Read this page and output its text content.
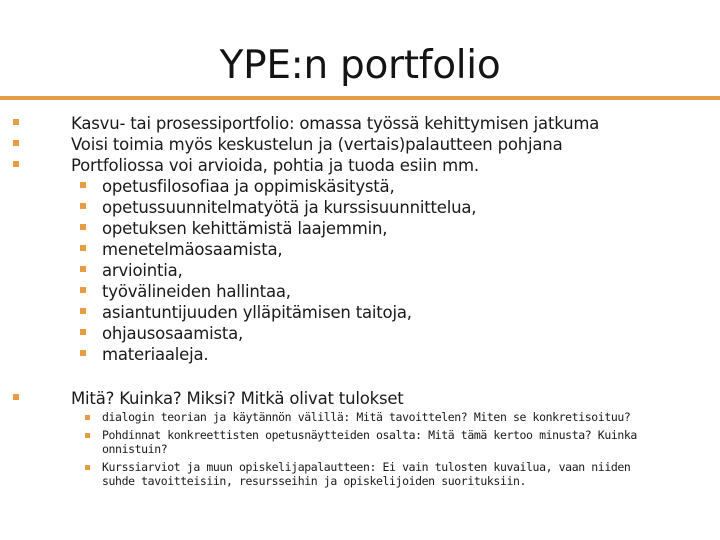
YPE:n portfolio
Kasvu- tai prosessiportfolio: omassa työssä kehittymisen jatkuma
Voisi toimia myös keskustelun ja (vertais)palautteen pohjana
Portfoliossa voi arvioida, pohtia ja tuoda esiin mm.
opetusfilosofiaa ja oppimiskäsitystä,
opetussuunnitelmatyötä ja kurssisuunnittelua,
opetuksen kehittämistä laajemmin,
menetelmäosaamista,
arviointia,
työvälineiden hallintaa,
asiantuntijuuden ylläpitämisen taitoja,
ohjausosaamista,
materiaaleja.
Mitä? Kuinka? Miksi? Mitkä olivat tulokset
dialogin teorian ja käytännön välillä: Mitä tavoittelen? Miten se konkretisoituu?
Pohdinnat konkreettisten opetusnäytteiden osalta: Mitä tämä kertoo minusta? Kuinka onnistuin?
Kurssiarviot ja muun opiskelijapalautteen: Ei vain tulosten kuvailua, vaan niiden suhde tavoitteisiin, resursseihin ja opiskelijoiden suorituksiin.
